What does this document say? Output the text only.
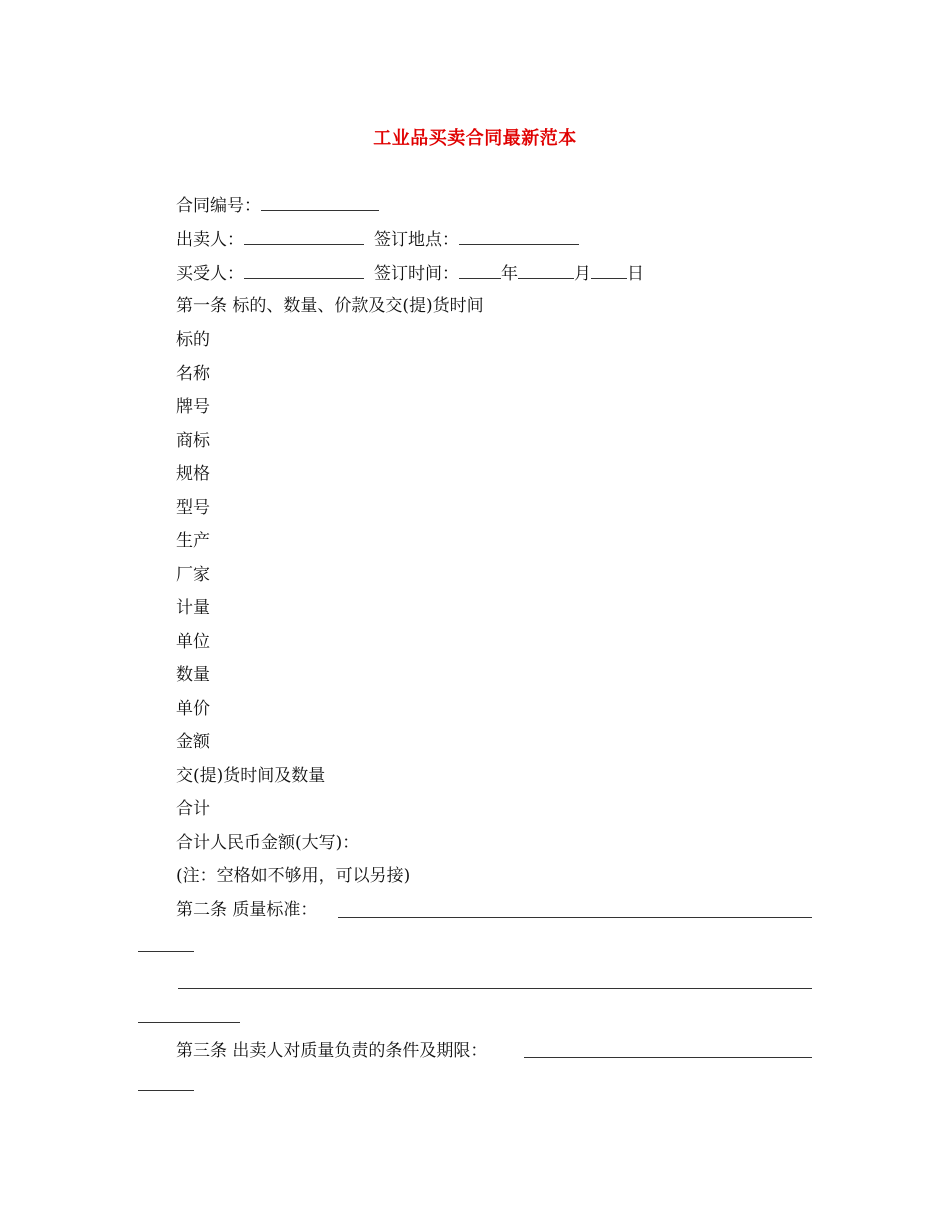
工业品买卖合同最新范本
合同编号：
出卖人：	签订地点：
买受人：	签订时间： 年	月 日
第一条 标的、数量、价款及交(提)货时间
标的
名称
牌号
商标
规格
型号
生产
厂家
计量
单位
数量
单价
金额
交(提)货时间及数量
合计
合计人民币金额(大写)：
(注：空格如不够用，可以另接)
第二条 质量标准：
第三条 出卖人对质量负责的条件及期限：
